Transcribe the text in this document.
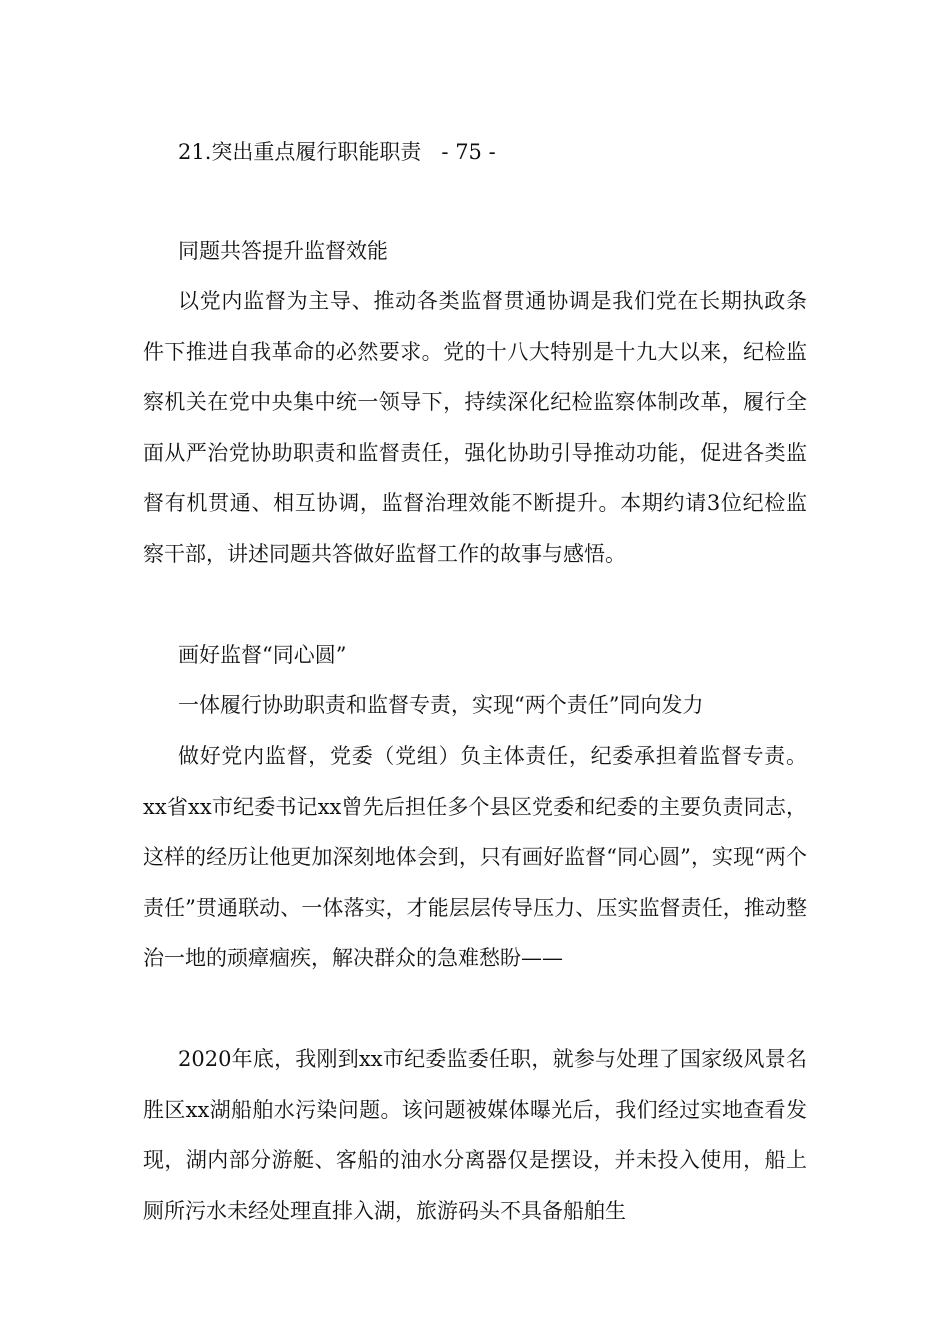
21.突出重点履行职能职责   - 75 -

同题共答提升监督效能

以党内监督为主导、推动各类监督贯通协调是我们党在长期执政条件下推进自我革命的必然要求。党的十八大特别是十九大以来，纪检监察机关在党中央集中统一领导下，持续深化纪检监察体制改革，履行全面从严治党协助职责和监督责任，强化协助引导推动功能，促进各类监督有机贯通、相互协调，监督治理效能不断提升。本期约请3位纪检监察干部，讲述同题共答做好监督工作的故事与感悟。

画好监督“同心圆”

一体履行协助职责和监督专责，实现“两个责任”同向发力

做好党内监督，党委（党组）负主体责任，纪委承担着监督专责。xx省xx市纪委书记xx曾先后担任多个县区党委和纪委的主要负责同志，这样的经历让他更加深刻地体会到，只有画好监督“同心圆”，实现“两个责任”贯通联动、一体落实，才能层层传导压力、压实监督责任，推动整治一地的顽瘴痼疾，解决群众的急难愁盼——

2020年底，我刚到xx市纪委监委任职，就参与处理了国家级风景名胜区xx湖船舶水污染问题。该问题被媒体曝光后，我们经过实地查看发现，湖内部分游艇、客船的油水分离器仅是摆设，并未投入使用，船上厕所污水未经处理直排入湖，旅游码头不具备船舶生
